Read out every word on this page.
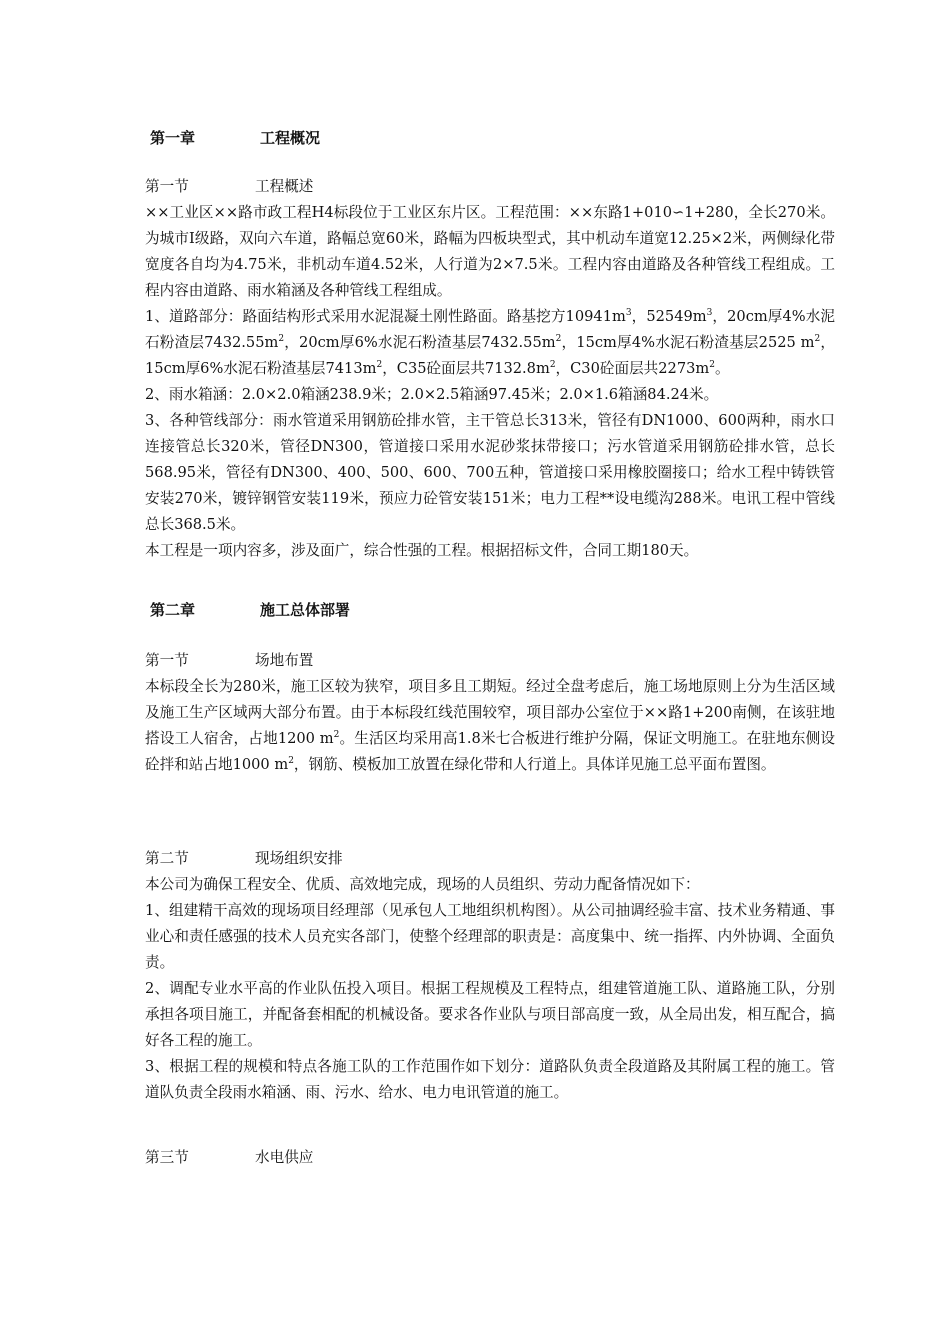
第一章	工程概况
第一节	工程概述

××工业区××路市政工程H4标段位于工业区东片区。工程范围：××东路1+010∽1+280，全长270米。为城市Ⅰ级路，双向六车道，路幅总宽60米，路幅为四板块型式，其中机动车道宽12.25×2米，两侧绿化带宽度各自均为4.75米，非机动车道4.52米，人行道为2×7.5米。工程内容由道路及各种管线工程组成。工程内容由道路、雨水箱涵及各种管线工程组成。

1、道路部分：路面结构形式采用水泥混凝土刚性路面。路基挖方$10941m^3$，$52549m^3$，20cm厚4%水泥石粉渣层$7432.55m^2$，20cm厚6%水泥石粉渣基层$7432.55m^2$，15cm厚4%水泥石粉渣基层2525 $m^2$，15cm厚6%水泥石粉渣基层$7413m^2$，C35砼面层共$7132.8m^2$，C30砼面层共$2273m^2$。

2、雨水箱涵：2.0×2.0箱涵238.9米；2.0×2.5箱涵97.45米；2.0×1.6箱涵84.24米。

3、各种管线部分：雨水管道采用钢筋砼排水管，主干管总长313米，管径有DN1000、600两种，雨水口连接管总长320米，管径DN300，管道接口采用水泥砂浆抹带接口；污水管道采用钢筋砼排水管，总长568.95米，管径有DN300、400、500、600、700五种，管道接口采用橡胶圈接口；给水工程中铸铁管安装270米，镀锌钢管安装119米，预应力砼管安装151米；电力工程**设电缆沟288米。电讯工程中管线总长368.5米。

本工程是一项内容多，涉及面广，综合性强的工程。根据招标文件，合同工期180天。

第二章	施工总体部署
第一节	场地布置

本标段全长为280米，施工区较为狭窄，项目多且工期短。经过全盘考虑后，施工场地原则上分为生活区域及施工生产区域两大部分布置。由于本标段红线范围较窄，项目部办公室位于××路1+200南侧，在该驻地搭设工人宿舍，占地1200 $m^2$。生活区均采用高1.8米七合板进行维护分隔，保证文明施工。在驻地东侧设砼拌和站占地1000 $m^2$，钢筋、模板加工放置在绿化带和人行道上。具体详见施工总平面布置图。

第二节	现场组织安排

本公司为确保工程安全、优质、高效地完成，现场的人员组织、劳动力配备情况如下：

1、组建精干高效的现场项目经理部（见承包人工地组织机构图）。从公司抽调经验丰富、技术业务精通、事业心和责任感强的技术人员充实各部门，使整个经理部的职责是：高度集中、统一指挥、内外协调、全面负责。

2、调配专业水平高的作业队伍投入项目。根据工程规模及工程特点，组建管道施工队、道路施工队，分别承担各项目施工，并配备套相配的机械设备。要求各作业队与项目部高度一致，从全局出发，相互配合，搞好各工程的施工。

3、根据工程的规模和特点各施工队的工作范围作如下划分：道路队负责全段道路及其附属工程的施工。管道队负责全段雨水箱涵、雨、污水、给水、电力电讯管道的施工。

第三节	水电供应
